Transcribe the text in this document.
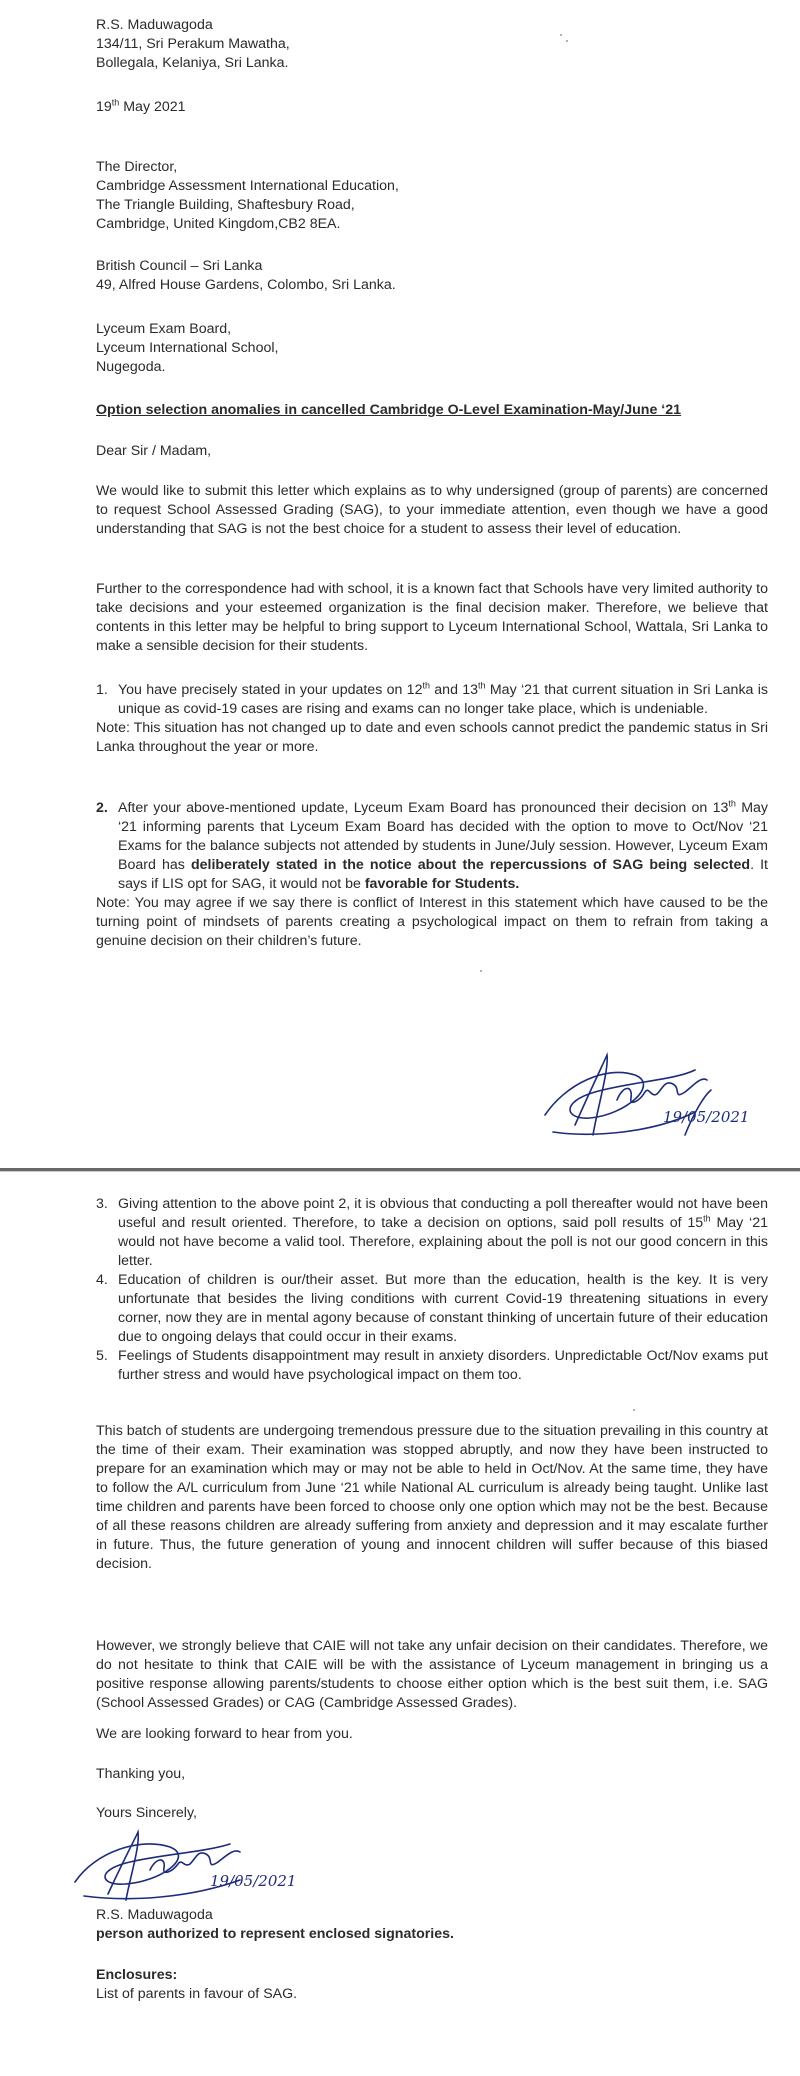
R.S. Maduwagoda

134/11, Sri Perakum Mawatha,

Bollegala, Kelaniya, Sri Lanka.

19th May 2021

The Director,

Cambridge Assessment International Education,

The Triangle Building, Shaftesbury Road,

Cambridge, United Kingdom,CB2 8EA.

British Council – Sri Lanka

49, Alfred House Gardens, Colombo, Sri Lanka.

Lyceum Exam Board,

Lyceum International School,

Nugegoda.

Option selection anomalies in cancelled Cambridge O-Level Examination-May/June ‘21
Dear Sir / Madam,
We would like to submit this letter which explains as to why undersigned (group of parents) are concerned to request School Assessed Grading (SAG), to your immediate attention, even though we have a good understanding that SAG is not the best choice for a student to assess their level of education.
Further to the correspondence had with school, it is a known fact that Schools have very limited authority to take decisions and your esteemed organization is the final decision maker. Therefore, we believe that contents in this letter may be helpful to bring support to Lyceum International School, Wattala, Sri Lanka to make a sensible decision for their students.
1. You have precisely stated in your updates on 12th and 13th May ‘21 that current situation in Sri Lanka is unique as covid-19 cases are rising and exams can no longer take place, which is undeniable.

Note: This situation has not changed up to date and even schools cannot predict the pandemic status in Sri Lanka throughout the year or more.

2. After your above-mentioned update, Lyceum Exam Board has pronounced their decision on 13th May ‘21 informing parents that Lyceum Exam Board has decided with the option to move to Oct/Nov ‘21 Exams for the balance subjects not attended by students in June/July session. However, Lyceum Exam Board has deliberately stated in the notice about the repercussions of SAG being selected. It says if LIS opt for SAG, it would not be favorable for Students.

Note: You may agree if we say there is conflict of Interest in this statement which have caused to be the turning point of mindsets of parents creating a psychological impact on them to refrain from taking a genuine decision on their children’s future.

19/05/2021
3. Giving attention to the above point 2, it is obvious that conducting a poll thereafter would not have been useful and result oriented. Therefore, to take a decision on options, said poll results of 15th May ‘21 would not have become a valid tool. Therefore, explaining about the poll is not our good concern in this letter.
4. Education of children is our/their asset. But more than the education, health is the key. It is very unfortunate that besides the living conditions with current Covid-19 threatening situations in every corner, now they are in mental agony because of constant thinking of uncertain future of their education due to ongoing delays that could occur in their exams.
5. Feelings of Students disappointment may result in anxiety disorders. Unpredictable Oct/Nov exams put further stress and would have psychological impact on them too.
This batch of students are undergoing tremendous pressure due to the situation prevailing in this country at the time of their exam. Their examination was stopped abruptly, and now they have been instructed to prepare for an examination which may or may not be able to held in Oct/Nov. At the same time, they have to follow the A/L curriculum from June ‘21 while National AL curriculum is already being taught. Unlike last time children and parents have been forced to choose only one option which may not be the best. Because of all these reasons children are already suffering from anxiety and depression and it may escalate further in future. Thus, the future generation of young and innocent children will suffer because of this biased decision.
However, we strongly believe that CAIE will not take any unfair decision on their candidates. Therefore, we do not hesitate to think that CAIE will be with the assistance of Lyceum management in bringing us a positive response allowing parents/students to choose either option which is the best suit them, i.e. SAG (School Assessed Grades) or CAG (Cambridge Assessed Grades).
We are looking forward to hear from you.
Thanking you,
Yours Sincerely,
19/05/2021

R.S. Maduwagoda

person authorized to represent enclosed signatories.

Enclosures:

List of parents in favour of SAG.
